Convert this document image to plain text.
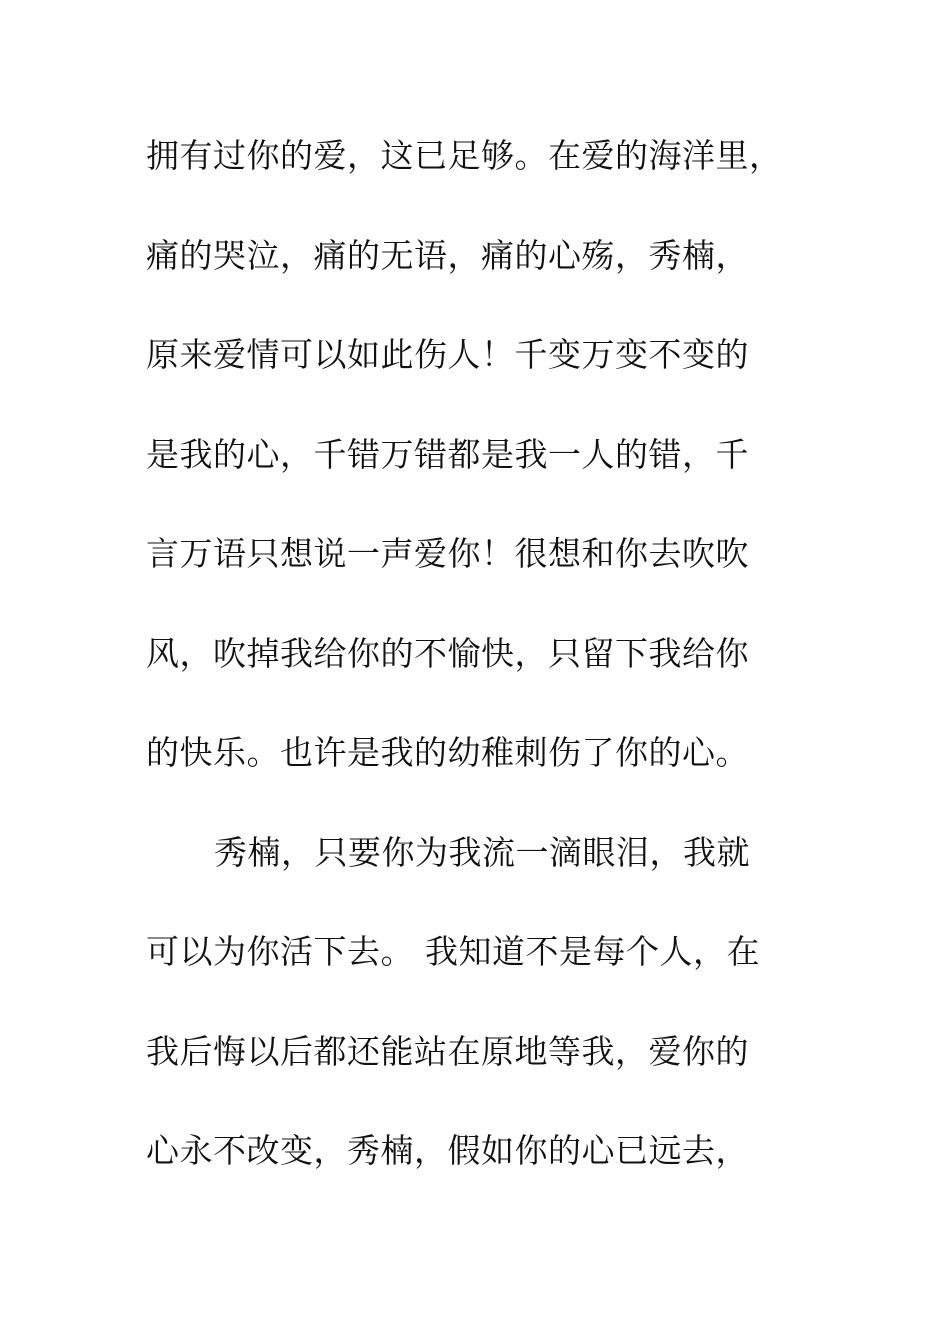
拥有过你的爱，这已足够。在爱的海洋里，
痛的哭泣，痛的无语，痛的心殇，秀楠，
原来爱情可以如此伤人！千变万变不变的
是我的心，千错万错都是我一人的错，千
言万语只想说一声爱你！很想和你去吹吹
风，吹掉我给你的不愉快，只留下我给你
的快乐。也许是我的幼稚刺伤了你的心。
秀楠，只要你为我流一滴眼泪，我就
可以为你活下去。 我知道不是每个人，在
我后悔以后都还能站在原地等我，爱你的
心永不改变，秀楠，假如你的心已远去，
